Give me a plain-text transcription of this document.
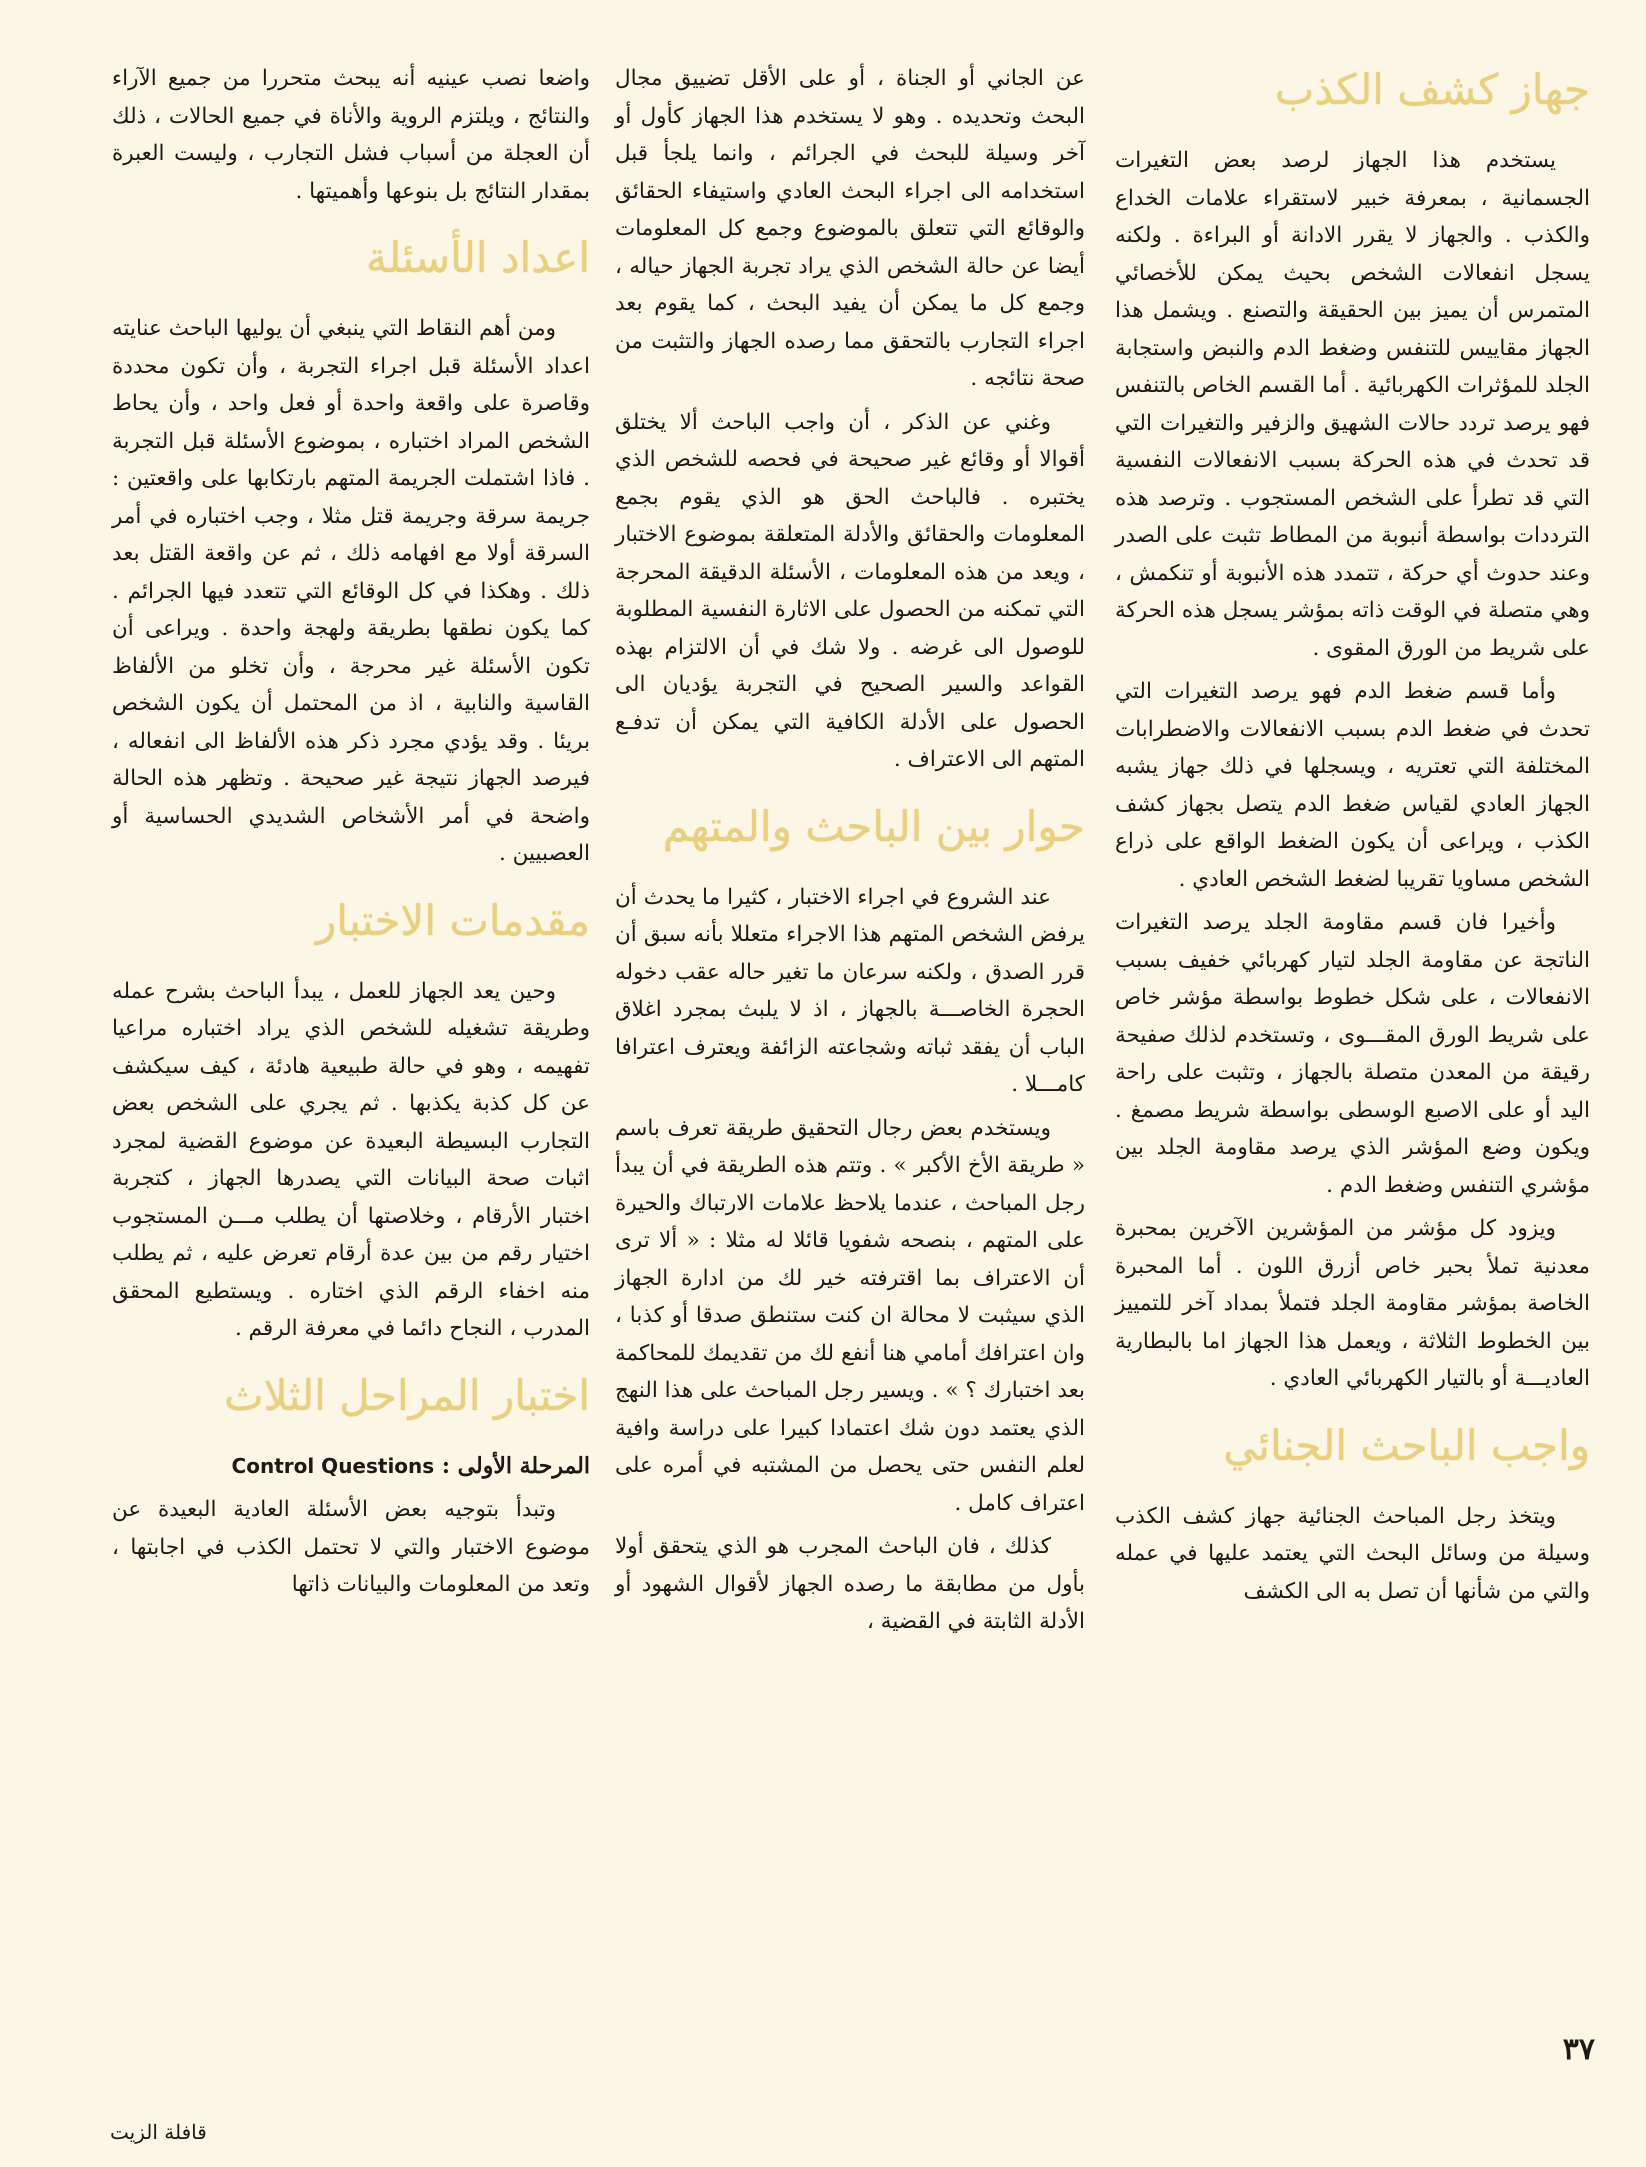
جهاز كشف الكذب

يستخدم هذا الجهاز لرصد بعض التغيرات الجسمانية ، بمعرفة خبير لاستقراء علامات الخداع والكذب . والجهاز لا يقرر الادانة أو البراءة . ولكنه يسجل انفعالات الشخص بحيث يمكن للأخصائي المتمرس أن يميز بين الحقيقة والتصنع . ويشمل هذا الجهاز مقاييس للتنفس وضغط الدم والنبض واستجابة الجلد للمؤثرات الكهربائية . أما القسم الخاص بالتنفس فهو يرصد تردد حالات الشهيق والزفير والتغيرات التي قد تحدث في هذه الحركة بسبب الانفعالات النفسية التي قد تطرأ على الشخص المستجوب . وترصد هذه الترددات بواسطة أنبوبة من المطاط تثبت على الصدر وعند حدوث أي حركة ، تتمدد هذه الأنبوبة أو تنكمش ، وهي متصلة في الوقت ذاته بمؤشر يسجل هذه الحركة على شريط من الورق المقوى .

وأما قسم ضغط الدم فهو يرصد التغيرات التي تحدث في ضغط الدم بسبب الانفعالات والاضطرابات المختلفة التي تعتريه ، ويسجلها في ذلك جهاز يشبه الجهاز العادي لقياس ضغط الدم يتصل بجهاز كشف الكذب ، ويراعى أن يكون الضغط الواقع على ذراع الشخص مساويا تقريبا لضغط الشخص العادي .

وأخيرا فان قسم مقاومة الجلد يرصد التغيرات الناتجة عن مقاومة الجلد لتيار كهربائي خفيف بسبب الانفعالات ، على شكل خطوط بواسطة مؤشر خاص على شريط الورق المقـــوى ، وتستخدم لذلك صفيحة رقيقة من المعدن متصلة بالجهاز ، وتثبت على راحة اليد أو على الاصبع الوسطى بواسطة شريط مصمغ . ويكون وضع المؤشر الذي يرصد مقاومة الجلد بين مؤشري التنفس وضغط الدم .

ويزود كل مؤشر من المؤشرين الآخرين بمحبرة معدنية تملأ بحبر خاص أزرق اللون . أما المحبرة الخاصة بمؤشر مقاومة الجلد فتملأ بمداد آخر للتمييز بين الخطوط الثلاثة ، ويعمل هذا الجهاز اما بالبطارية العاديـــة أو بالتيار الكهربائي العادي .

واجب الباحث الجنائي

ويتخذ رجل المباحث الجنائية جهاز كشف الكذب وسيلة من وسائل البحث التي يعتمد عليها في عمله والتي من شأنها أن تصل به الى الكشف

عن الجاني أو الجناة ، أو على الأقل تضييق مجال البحث وتحديده . وهو لا يستخدم هذا الجهاز كأول أو آخر وسيلة للبحث في الجرائم ، وانما يلجأ قبل استخدامه الى اجراء البحث العادي واستيفاء الحقائق والوقائع التي تتعلق بالموضوع وجمع كل المعلومات أيضا عن حالة الشخص الذي يراد تجربة الجهاز حياله ، وجمع كل ما يمكن أن يفيد البحث ، كما يقوم بعد اجراء التجارب بالتحقق مما رصده الجهاز والتثبت من صحة نتائجه .

وغني عن الذكر ، أن واجب الباحث ألا يختلق أقوالا أو وقائع غير صحيحة في فحصه للشخص الذي يختبره . فالباحث الحق هو الذي يقوم بجمع المعلومات والحقائق والأدلة المتعلقة بموضوع الاختبار ، ويعد من هذه المعلومات ، الأسئلة الدقيقة المحرجة التي تمكنه من الحصول على الاثارة النفسية المطلوبة للوصول الى غرضه . ولا شك في أن الالتزام بهذه القواعد والسير الصحيح في التجربة يؤديان الى الحصول على الأدلة الكافية التي يمكن أن تدفـع المتهم الى الاعتراف .

حوار بين الباحث والمتهم

عند الشروع في اجراء الاختبار ، كثيرا ما يحدث أن يرفض الشخص المتهم هذا الاجراء متعللا بأنه سبق أن قرر الصدق ، ولكنه سرعان ما تغير حاله عقب دخوله الحجرة الخاصـــة بالجهاز ، اذ لا يلبث بمجرد اغلاق الباب أن يفقد ثباته وشجاعته الزائفة ويعترف اعترافا كامـــلا .

ويستخدم بعض رجال التحقيق طريقة تعرف باسم « طريقة الأخ الأكبر » . وتتم هذه الطريقة في أن يبدأ رجل المباحث ، عندما يلاحظ علامات الارتباك والحيرة على المتهم ، بنصحه شفويا قائلا له مثلا : « ألا ترى أن الاعتراف بما اقترفته خير لك من ادارة الجهاز الذي سيثبت لا محالة ان كنت ستنطق صدقا أو كذبا ، وان اعترافك أمامي هنا أنفع لك من تقديمك للمحاكمة بعد اختبارك ؟ » . ويسير رجل المباحث على هذا النهج الذي يعتمد دون شك اعتمادا كبيرا على دراسة وافية لعلم النفس حتى يحصل من المشتبه في أمره على اعتراف كامل .

كذلك ، فان الباحث المجرب هو الذي يتحقق أولا بأول من مطابقة ما رصده الجهاز لأقوال الشهود أو الأدلة الثابتة في القضية ،

واضعا نصب عينيه أنه يبحث متحررا من جميع الآراء والنتائج ، ويلتزم الروية والأناة في جميع الحالات ، ذلك أن العجلة من أسباب فشل التجارب ، وليست العبرة بمقدار النتائج بل بنوعها وأهميتها .

اعداد الأسئلة

ومن أهم النقاط التي ينبغي أن يوليها الباحث عنايته اعداد الأسئلة قبل اجراء التجربة ، وأن تكون محددة وقاصرة على واقعة واحدة أو فعل واحد ، وأن يحاط الشخص المراد اختباره ، بموضوع الأسئلة قبل التجربة . فاذا اشتملت الجريمة المتهم بارتكابها على واقعتين : جريمة سرقة وجريمة قتل مثلا ، وجب اختباره في أمر السرقة أولا مع افهامه ذلك ، ثم عن واقعة القتل بعد ذلك . وهكذا في كل الوقائع التي تتعدد فيها الجرائم . كما يكون نطقها بطريقة ولهجة واحدة . ويراعى أن تكون الأسئلة غير محرجة ، وأن تخلو من الألفاظ القاسية والنابية ، اذ من المحتمل أن يكون الشخص بريئا . وقد يؤدي مجرد ذكر هذه الألفاظ الى انفعاله ، فيرصد الجهاز نتيجة غير صحيحة . وتظهر هذه الحالة واضحة في أمر الأشخاص الشديدي الحساسية أو العصبيين .

مقدمات الاختبار

وحين يعد الجهاز للعمل ، يبدأ الباحث بشرح عمله وطريقة تشغيله للشخص الذي يراد اختباره مراعيا تفهيمه ، وهو في حالة طبيعية هادئة ، كيف سيكشف عن كل كذبة يكذبها . ثم يجري على الشخص بعض التجارب البسيطة البعيدة عن موضوع القضية لمجرد اثبات صحة البيانات التي يصدرها الجهاز ، كتجربة اختبار الأرقام ، وخلاصتها أن يطلب مـــن المستجوب اختيار رقم من بين عدة أرقام تعرض عليه ، ثم يطلب منه اخفاء الرقم الذي اختاره . ويستطيع المحقق المدرب ، النجاح دائما في معرفة الرقم .

اختبار المراحل الثلاث
المرحلة الأولى : Control Questions

وتبدأ بتوجيه بعض الأسئلة العادية البعيدة عن موضوع الاختبار والتي لا تحتمل الكذب في اجابتها ، وتعد من المعلومات والبيانات ذاتها

٣٧
قافلة الزيت
